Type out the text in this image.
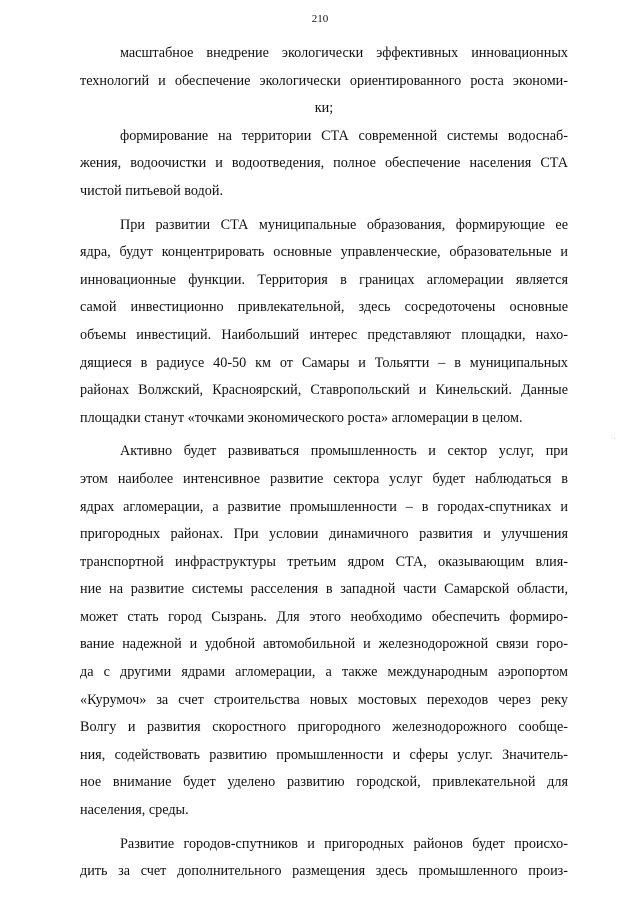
210
масштабное внедрение экологически эффективных инновационных
технологий и обеспечение экологически ориентированного роста экономи-
ки;
формирование на территории СТА современной системы водоснаб-
жения, водоочистки и водоотведения, полное обеспечение населения СТА
чистой питьевой водой.
При развитии СТА муниципальные образования, формирующие ее
ядра, будут концентрировать основные управленческие, образовательные и
инновационные функции. Территория в границах агломерации является
самой инвестиционно привлекательной, здесь сосредоточены основные
объемы инвестиций. Наибольший интерес представляют площадки, нахо-
дящиеся в радиусе 40-50 км от Самары и Тольятти – в муниципальных
районах Волжский, Красноярский, Ставропольский и Кинельский. Данные
площадки станут «точками экономического роста» агломерации в целом.
Активно будет развиваться промышленность и сектор услуг, при
этом наиболее интенсивное развитие сектора услуг будет наблюдаться в
ядрах агломерации, а развитие промышленности – в городах-спутниках и
пригородных районах. При условии динамичного развития и улучшения
транспортной инфраструктуры третьим ядром СТА, оказывающим влия-
ние на развитие системы расселения в западной части Самарской области,
может стать город Сызрань. Для этого необходимо обеспечить формиро-
вание надежной и удобной автомобильной и железнодорожной связи горо-
да с другими ядрами агломерации, а также международным аэропортом
«Курумоч» за счет строительства новых мостовых переходов через реку
Волгу и развития скоростного пригородного железнодорожного сообще-
ния, содействовать развитию промышленности и сферы услуг. Значитель-
ное внимание будет уделено развитию городской, привлекательной для
населения, среды.
Развитие городов-спутников и пригородных районов будет происхо-
дить за счет дополнительного размещения здесь промышленного произ-
·.
